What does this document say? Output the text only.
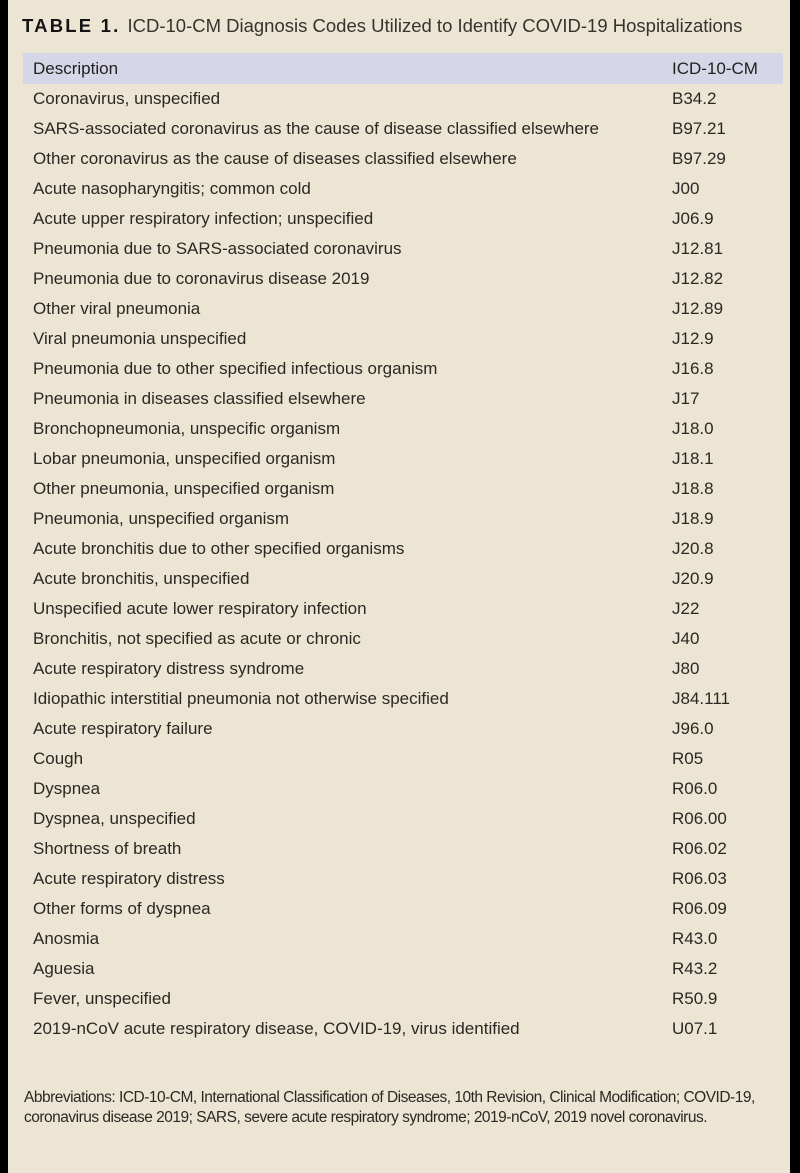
TABLE 1. ICD-10-CM Diagnosis Codes Utilized to Identify COVID-19 Hospitalizations
Description	ICD-10-CM
Coronavirus, unspecified	B34.2
SARS-associated coronavirus as the cause of disease classified elsewhere	B97.21
Other coronavirus as the cause of diseases classified elsewhere	B97.29
Acute nasopharyngitis; common cold	J00
Acute upper respiratory infection; unspecified	J06.9
Pneumonia due to SARS-associated coronavirus	J12.81
Pneumonia due to coronavirus disease 2019	J12.82
Other viral pneumonia	J12.89
Viral pneumonia unspecified	J12.9
Pneumonia due to other specified infectious organism	J16.8
Pneumonia in diseases classified elsewhere	J17
Bronchopneumonia, unspecific organism	J18.0
Lobar pneumonia, unspecified organism	J18.1
Other pneumonia, unspecified organism	J18.8
Pneumonia, unspecified organism	J18.9
Acute bronchitis due to other specified organisms	J20.8
Acute bronchitis, unspecified	J20.9
Unspecified acute lower respiratory infection	J22
Bronchitis, not specified as acute or chronic	J40
Acute respiratory distress syndrome	J80
Idiopathic interstitial pneumonia not otherwise specified	J84.111
Acute respiratory failure	J96.0
Cough	R05
Dyspnea	R06.0
Dyspnea, unspecified	R06.00
Shortness of breath	R06.02
Acute respiratory distress	R06.03
Other forms of dyspnea	R06.09
Anosmia	R43.0
Aguesia	R43.2
Fever, unspecified	R50.9
2019-nCoV acute respiratory disease, COVID-19, virus identified	U07.1
Abbreviations: ICD-10-CM, International Classification of Diseases, 10th Revision, Clinical Modification; COVID-19, coronavirus disease 2019; SARS, severe acute respiratory syndrome; 2019-nCoV, 2019 novel coronavirus.
